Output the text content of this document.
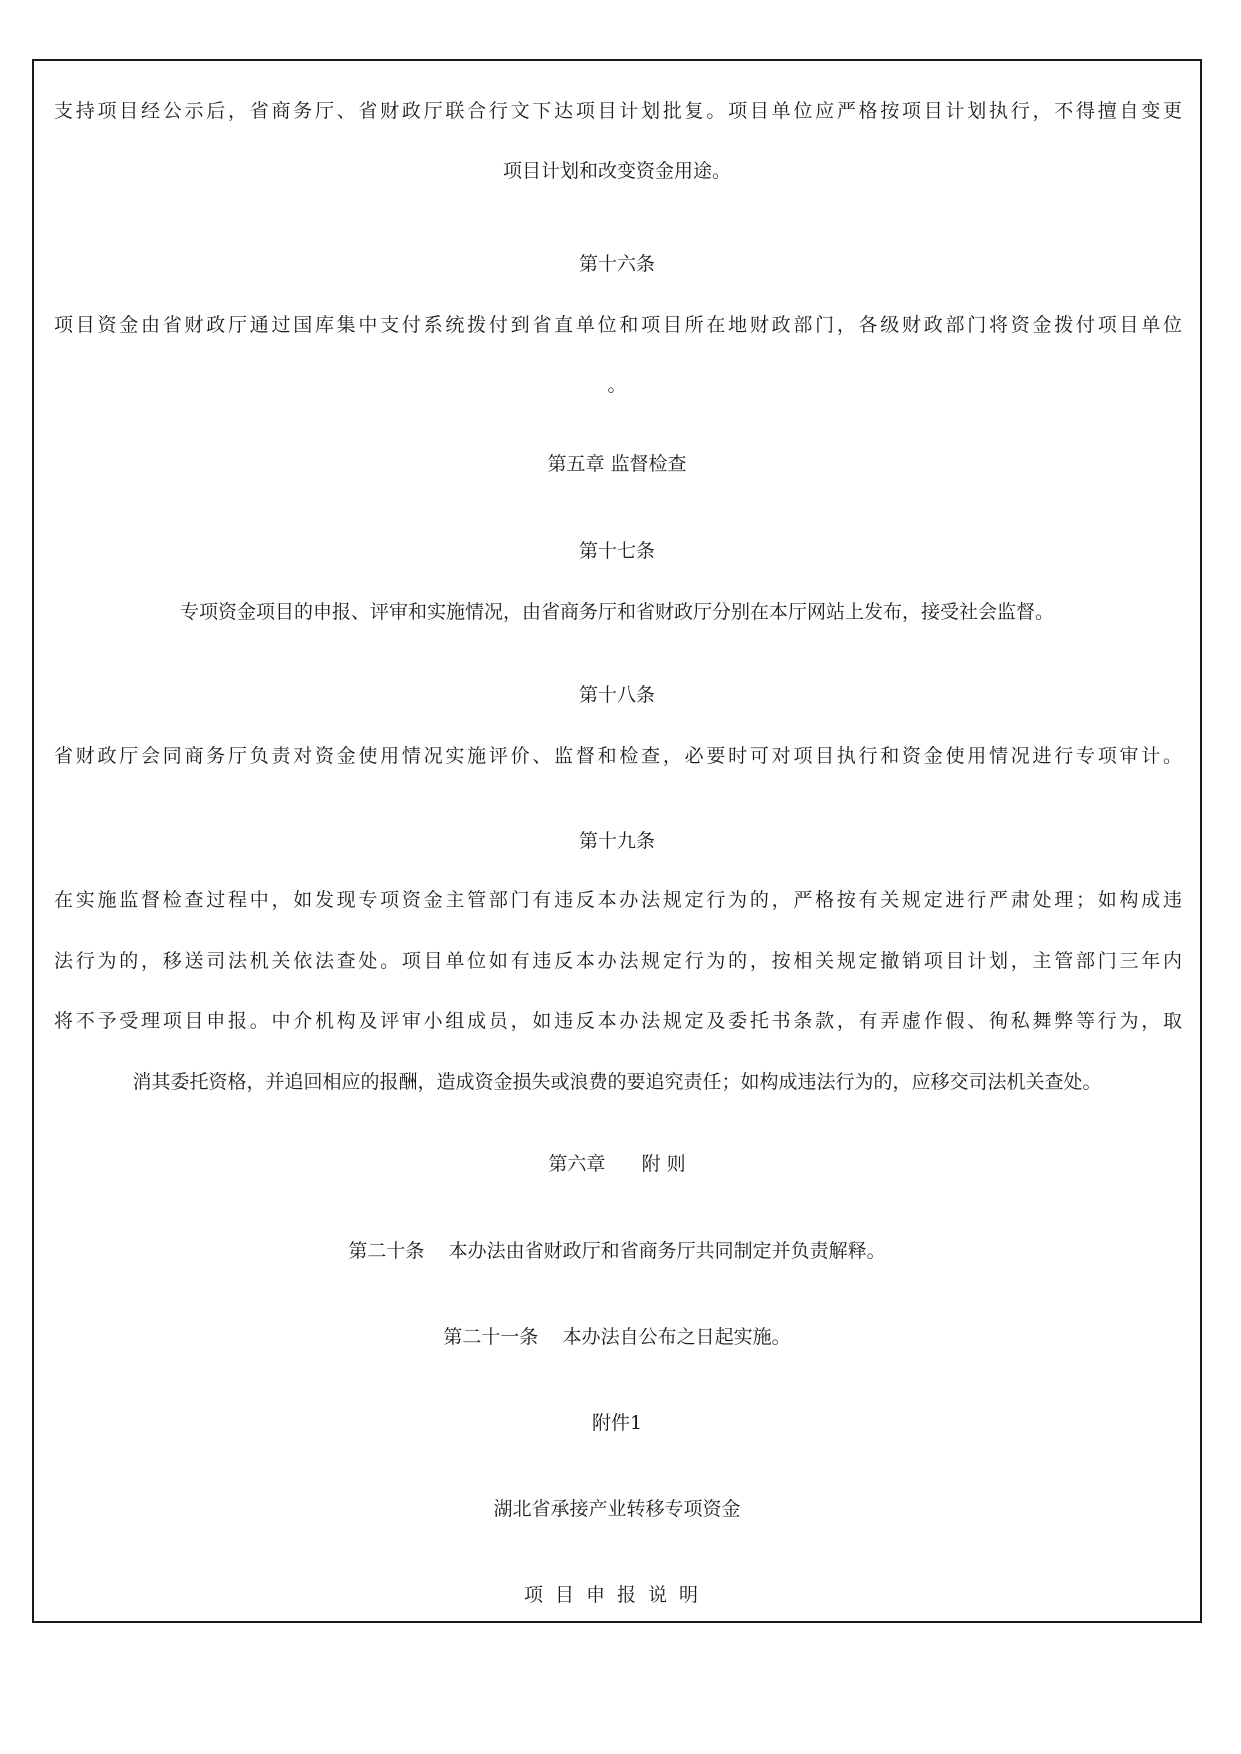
支持项目经公示后，省商务厅、省财政厅联合行文下达项目计划批复。项目单位应严格按项目计划执行，不得擅自变更
项目计划和改变资金用途。
第十六条
项目资金由省财政厅通过国库集中支付系统拨付到省直单位和项目所在地财政部门，各级财政部门将资金拨付项目单位
。
第五章 监督检查
第十七条
专项资金项目的申报、评审和实施情况，由省商务厅和省财政厅分别在本厅网站上发布，接受社会监督。
第十八条
省财政厅会同商务厅负责对资金使用情况实施评价、监督和检查，必要时可对项目执行和资金使用情况进行专项审计。
第十九条
在实施监督检查过程中，如发现专项资金主管部门有违反本办法规定行为的，严格按有关规定进行严肃处理；如构成违
法行为的，移送司法机关依法查处。项目单位如有违反本办法规定行为的，按相关规定撤销项目计划，主管部门三年内
将不予受理项目申报。中介机构及评审小组成员，如违反本办法规定及委托书条款，有弄虚作假、徇私舞弊等行为，取
消其委托资格，并追回相应的报酬，造成资金损失或浪费的要追究责任；如构成违法行为的，应移交司法机关查处。
第六章      附 则
第二十条    本办法由省财政厅和省商务厅共同制定并负责解释。
第二十一条    本办法自公布之日起实施。
附件1
湖北省承接产业转移专项资金
项目申报说明
